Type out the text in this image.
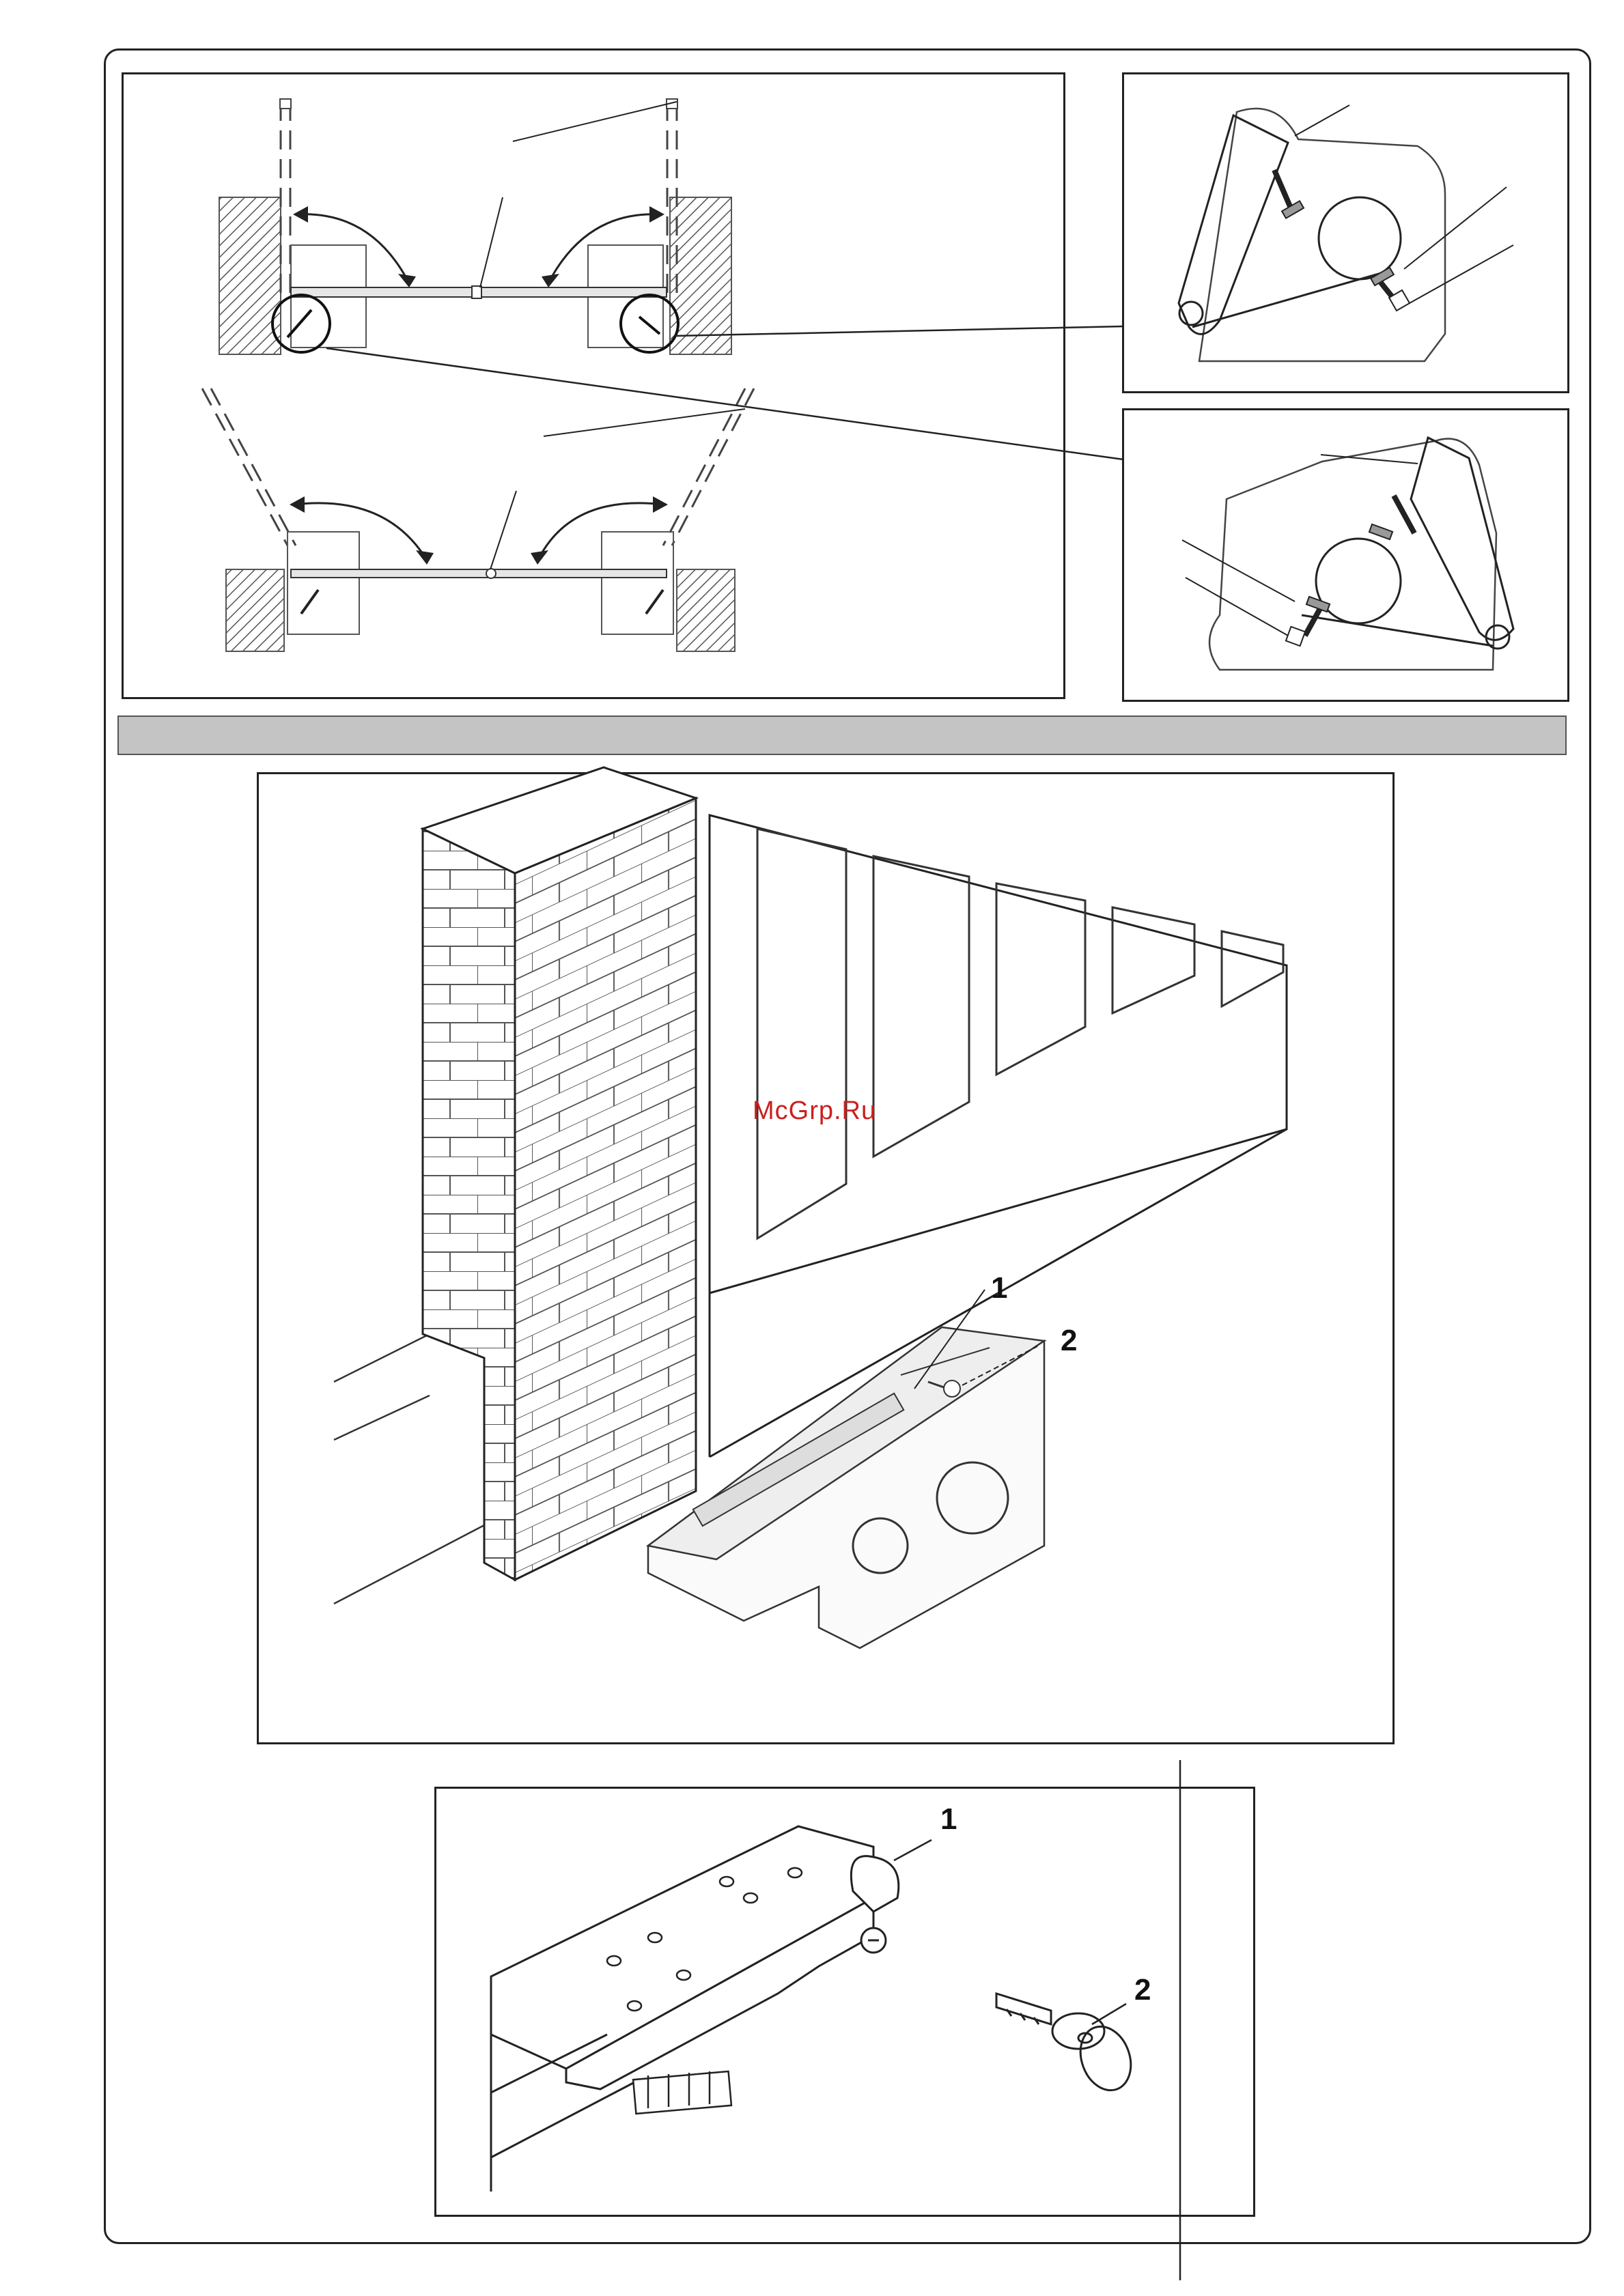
1
2
McGrp.Ru
1
2
